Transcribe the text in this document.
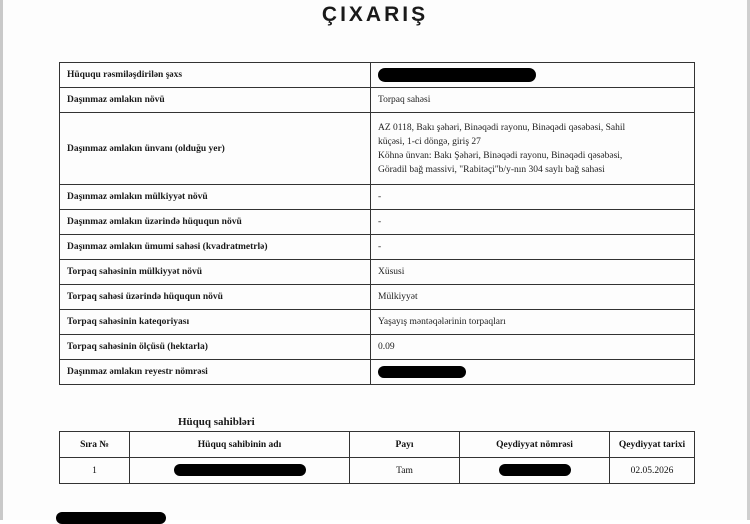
ÇIXARIŞ
Hüququ rəsmiləşdirilən şəxs	
Daşınmaz əmlakın növü	Torpaq sahəsi
Daşınmaz əmlakın ünvanı (olduğu yer)	AZ 0118, Bakı şəhəri, Binəqədi rayonu, Binəqədi qəsəbəsi, Sahil
küçəsi, 1-ci döngə, giriş 27
Köhnə ünvan: Bakı Şəhəri, Binəqədi rayonu, Binəqədi qəsəbəsi,
Göradil bağ massivi, "Rabitəçi"b/y-nın 304 saylı bağ sahəsi

Daşınmaz əmlakın mülkiyyət növü	-
Daşınmaz əmlakın üzərində hüququn növü	-
Daşınmaz əmlakın ümumi sahəsi (kvadratmetrlə)	-
Torpaq sahəsinin mülkiyyət növü	Xüsusi
Torpaq sahəsi üzərində hüququn növü	Mülkiyyət
Torpaq sahəsinin kateqoriyası	Yaşayış məntəqələrinin torpaqları
Torpaq sahəsinin ölçüsü (hektarla)	0.09
Daşınmaz əmlakın reyestr nömrəsi	
Hüquq sahibləri
Sıra №	Hüquq sahibinin adı	Payı	Qeydiyyat nömrəsi	Qeydiyyat tarixi
1		Tam		02.05.2026
